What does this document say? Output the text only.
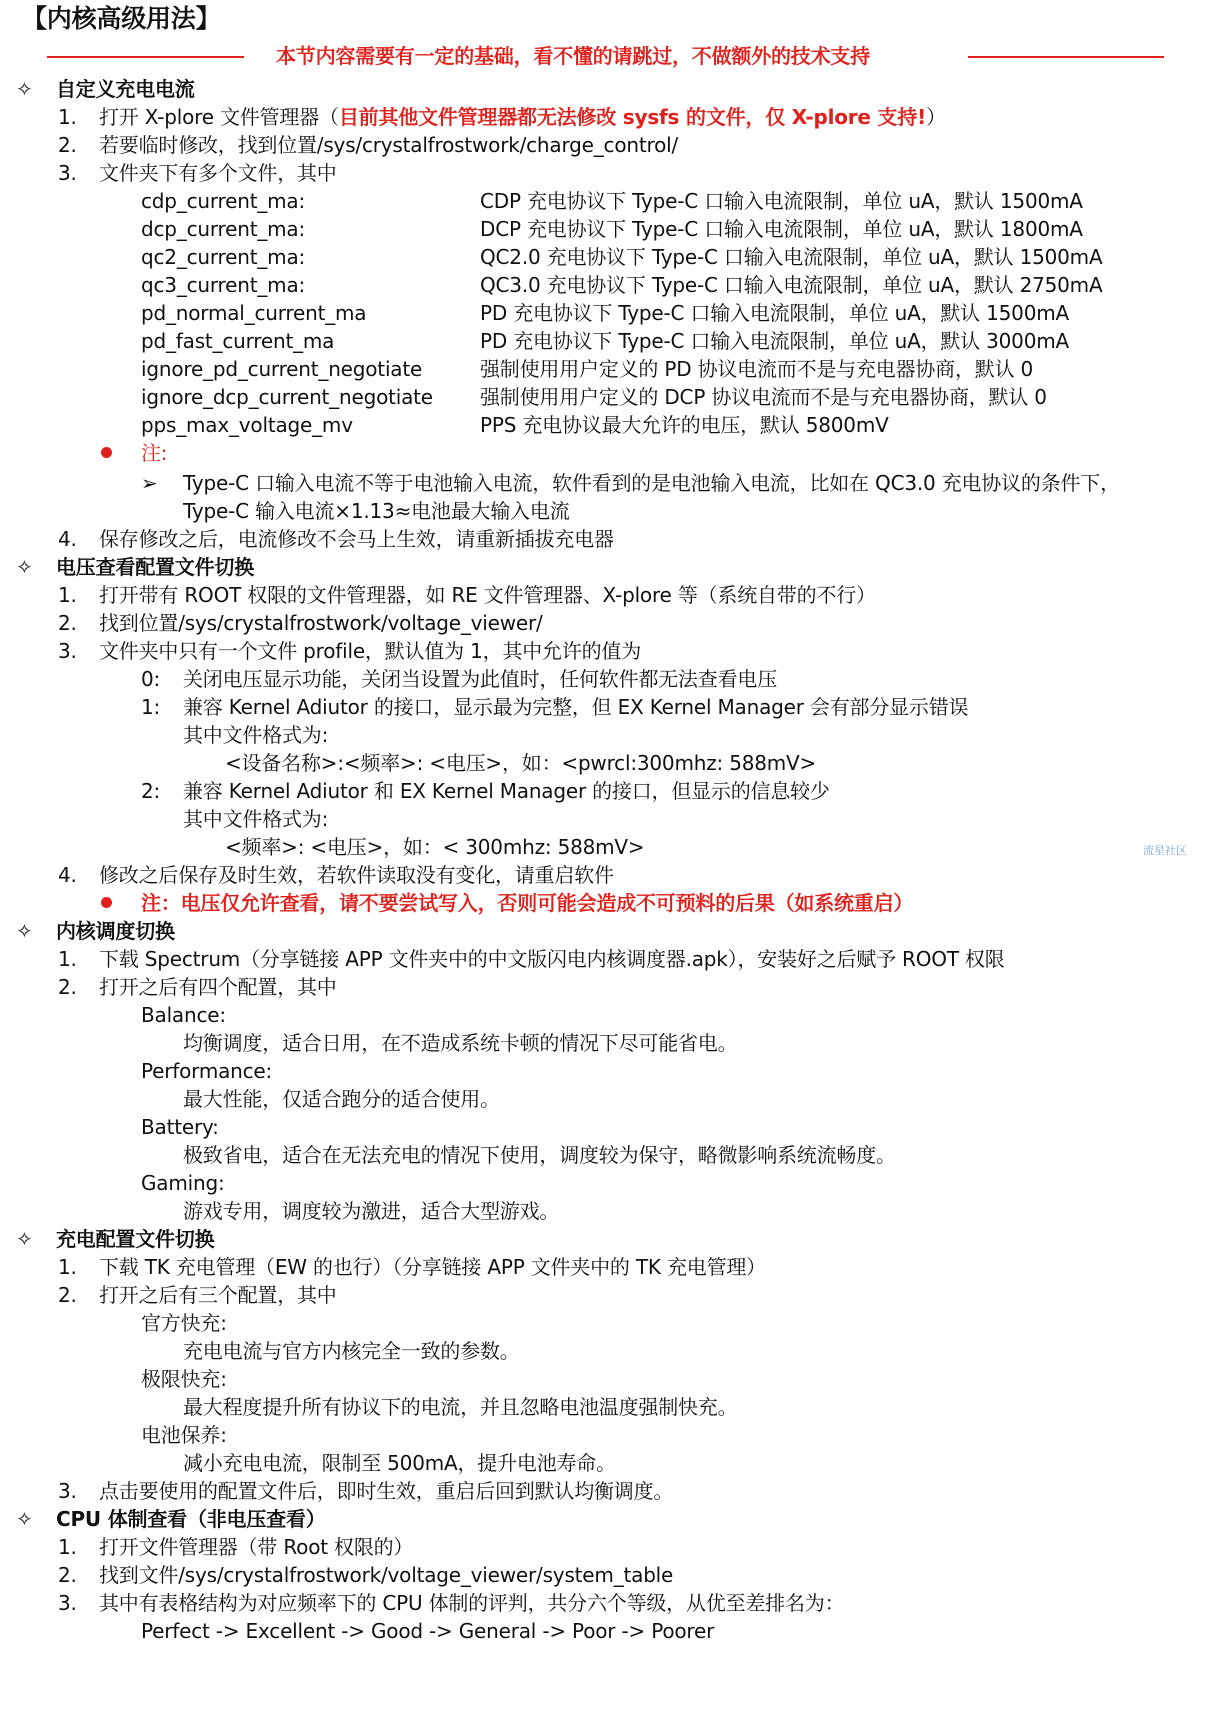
【内核高级用法】
本节内容需要有一定的基础，看不懂的请跳过，不做额外的技术支持
✧ 自定义充电电流
1. 打开 X-plore 文件管理器（目前其他文件管理器都无法修改 sysfs 的文件，仅 X-plore 支持!）
2. 若要临时修改，找到位置/sys/crystalfrostwork/charge_control/
3. 文件夹下有多个文件，其中
cdp_current_ma:	CDP 充电协议下 Type-C 口输入电流限制，单位 uA，默认 1500mA
dcp_current_ma:	DCP 充电协议下 Type-C 口输入电流限制，单位 uA，默认 1800mA
qc2_current_ma:	QC2.0 充电协议下 Type-C 口输入电流限制，单位 uA，默认 1500mA
qc3_current_ma:	QC3.0 充电协议下 Type-C 口输入电流限制，单位 uA，默认 2750mA
pd_normal_current_ma	PD 充电协议下 Type-C 口输入电流限制，单位 uA，默认 1500mA
pd_fast_current_ma	PD 充电协议下 Type-C 口输入电流限制，单位 uA，默认 3000mA
ignore_pd_current_negotiate	强制使用用户定义的 PD 协议电流而不是与充电器协商，默认 0
ignore_dcp_current_negotiate 强制使用用户定义的 DCP 协议电流而不是与充电器协商，默认 0
pps_max_voltage_mv	PPS 充电协议最大允许的电压，默认 5800mV
注:
➢ Type-C 口输入电流不等于电池输入电流，软件看到的是电池输入电流，比如在 QC3.0 充电协议的条件下，
Type-C 输入电流×1.13≈电池最大输入电流
4. 保存修改之后，电流修改不会马上生效，请重新插拔充电器
✧ 电压查看配置文件切换
1. 打开带有 ROOT 权限的文件管理器，如 RE 文件管理器、X-plore 等（系统自带的不行）
2. 找到位置/sys/crystalfrostwork/voltage_viewer/
3. 文件夹中只有一个文件 profile，默认值为 1，其中允许的值为
0: 关闭电压显示功能，关闭当设置为此值时，任何软件都无法查看电压
1: 兼容 Kernel Adiutor 的接口，显示最为完整，但 EX Kernel Manager 会有部分显示错误
其中文件格式为:
<设备名称>:<频率>: <电压>，如：<pwrcl:300mhz: 588mV>
2: 兼容 Kernel Adiutor 和 EX Kernel Manager 的接口，但显示的信息较少
其中文件格式为:
<频率>: <电压>，如：< 300mhz: 588mV>	流星社区
4. 修改之后保存及时生效，若软件读取没有变化，请重启软件
注：电压仅允许查看，请不要尝试写入，否则可能会造成不可预料的后果（如系统重启）
✧ 内核调度切换
1. 下载 Spectrum（分享链接 APP 文件夹中的中文版闪电内核调度器.apk），安装好之后赋予 ROOT 权限
2. 打开之后有四个配置，其中
Balance:
均衡调度，适合日用，在不造成系统卡顿的情况下尽可能省电。
Performance:
最大性能，仅适合跑分的适合使用。
Battery:
极致省电，适合在无法充电的情况下使用，调度较为保守，略微影响系统流畅度。
Gaming:
游戏专用，调度较为激进，适合大型游戏。
✧ 充电配置文件切换
1. 下载 TK 充电管理（EW 的也行）（分享链接 APP 文件夹中的 TK 充电管理）
2. 打开之后有三个配置，其中
官方快充:
充电电流与官方内核完全一致的参数。
极限快充:
最大程度提升所有协议下的电流，并且忽略电池温度强制快充。
电池保养:
减小充电电流，限制至 500mA，提升电池寿命。
3. 点击要使用的配置文件后，即时生效，重启后回到默认均衡调度。
✧ CPU 体制查看（非电压查看）
1. 打开文件管理器（带 Root 权限的）
2. 找到文件/sys/crystalfrostwork/voltage_viewer/system_table
3. 其中有表格结构为对应频率下的 CPU 体制的评判，共分六个等级，从优至差排名为：
Perfect -> Excellent -> Good -> General -> Poor -> Poorer
